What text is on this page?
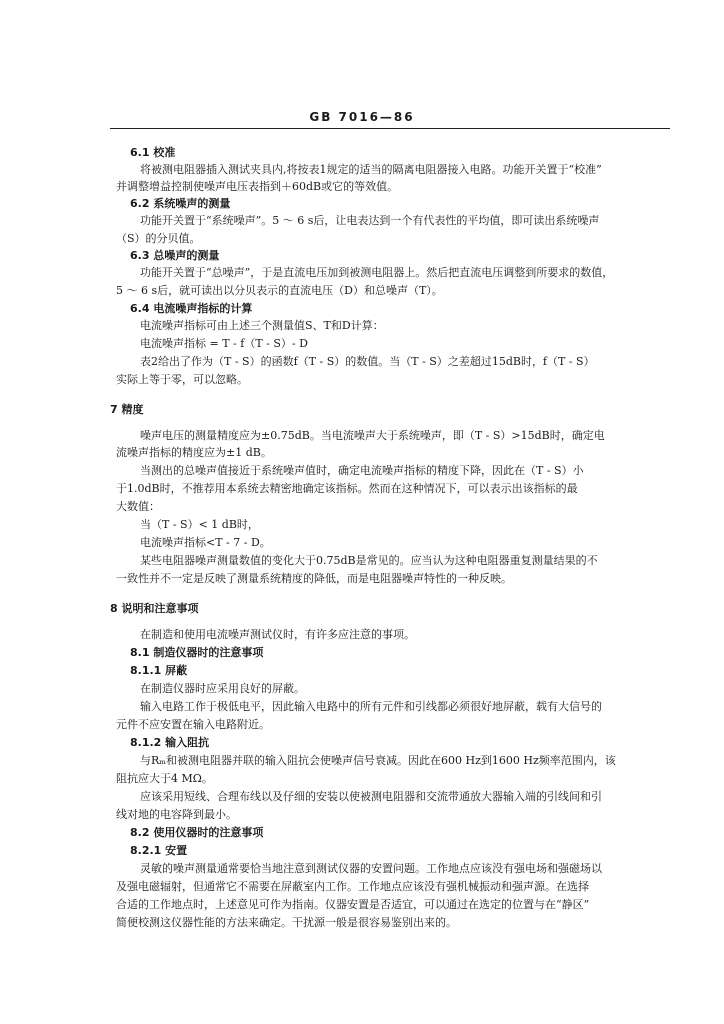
GB 7016—86
6.1 校准
将被测电阻器插入测试夹具内,将按表1规定的适当的隔离电阻器接入电路。功能开关置于“校准”
并调整增益控制使噪声电压表指到＋60dB或它的等效值。
6.2 系统噪声的测量
功能开关置于“系统噪声”。5 ～ 6 s后，让电表达到一个有代表性的平均值，即可读出系统噪声
（S）的分贝值。
6.3 总噪声的测量
功能开关置于“总噪声”，于是直流电压加到被测电阻器上。然后把直流电压调整到所要求的数值，
5 ～ 6 s后，就可读出以分贝表示的直流电压（D）和总噪声（T）。
6.4 电流噪声指标的计算
电流噪声指标可由上述三个测量值S、T和D计算：
电流噪声指标 = T - f（T - S）- D
表2给出了作为（T - S）的函数f（T - S）的数值。当（T - S）之差超过15dB时，f（T - S）
实际上等于零，可以忽略。
7 精度
噪声电压的测量精度应为±0.75dB。当电流噪声大于系统噪声，即（T - S）>15dB时，确定电
流噪声指标的精度应为±1 dB。
当测出的总噪声值接近于系统噪声值时，确定电流噪声指标的精度下降，因此在（T - S）小
于1.0dB时，不推荐用本系统去精密地确定该指标。然而在这种情况下，可以表示出该指标的最
大数值：
当（T - S）< 1 dB时，
电流噪声指标<T - 7 - D。
某些电阻器噪声测量数值的变化大于0.75dB是常见的。应当认为这种电阻器重复测量结果的不
一致性并不一定是反映了测量系统精度的降低，而是电阻器噪声特性的一种反映。
8 说明和注意事项
在制造和使用电流噪声测试仪时，有许多应注意的事项。
8.1 制造仪器时的注意事项
8.1.1 屏蔽
在制造仪器时应采用良好的屏蔽。
输入电路工作于极低电平，因此输入电路中的所有元件和引线都必须很好地屏蔽，载有大信号的
元件不应安置在输入电路附近。
8.1.2 输入阻抗
与Rₘ和被测电阻器并联的输入阻抗会使噪声信号衰减。因此在600 Hz到1600 Hz频率范围内，该
阻抗应大于4 MΩ。
应该采用短线、合理布线以及仔细的安装以使被测电阻器和交流带通放大器输入端的引线间和引
线对地的电容降到最小。
8.2 使用仪器时的注意事项
8.2.1 安置
灵敏的噪声测量通常要恰当地注意到测试仪器的安置问题。工作地点应该没有强电场和强磁场以
及强电磁辐射，但通常它不需要在屏蔽室内工作。工作地点应该没有强机械振动和强声源。在选择
合适的工作地点时，上述意见可作为指南。仪器安置是否适宜，可以通过在选定的位置与在“静区”
简便校测这仪器性能的方法来确定。干扰源一般是很容易鉴别出来的。
